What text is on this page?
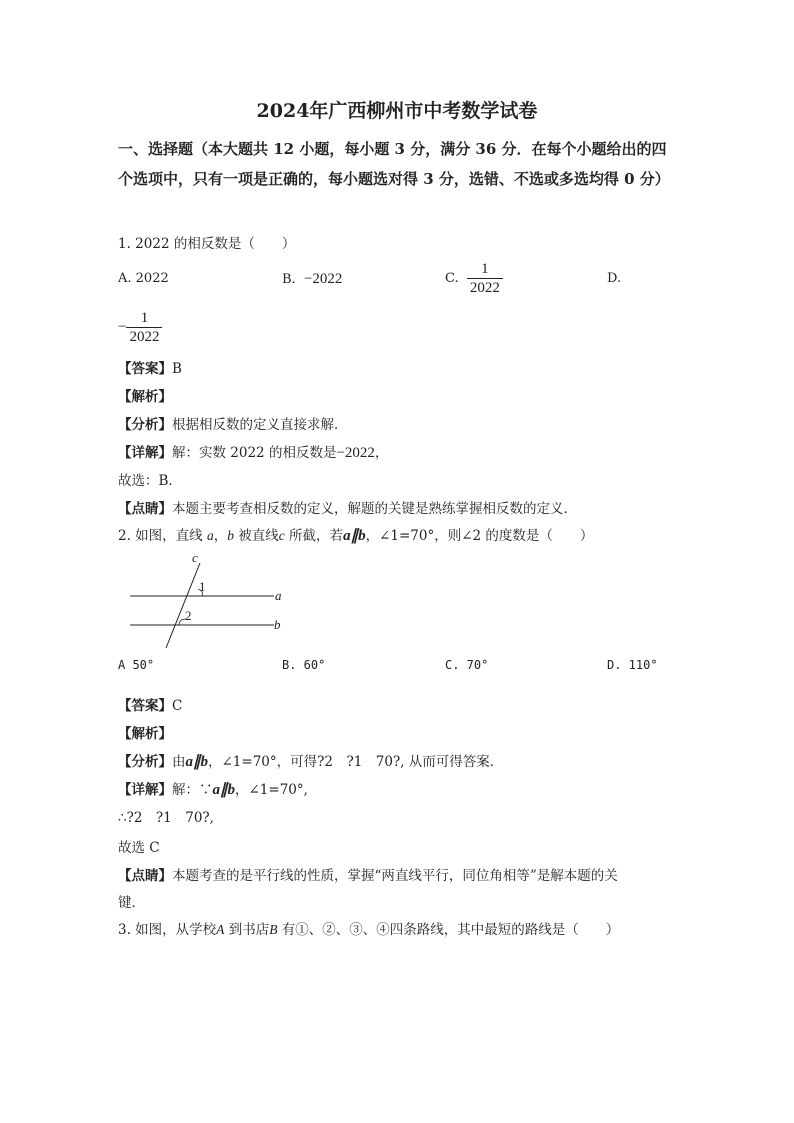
2024年广西柳州市中考数学试卷
一、选择题（本大题共 12 小题，每小题 3 分，满分 36 分．在每个小题给出的四个选项中，只有一项是正确的，每小题选对得 3 分，选错、不选或多选均得 0 分）
1. 2022 的相反数是（　　）
A. 2022	B. −2022	C. $\frac{1}{2022}$	D.
− $\frac{1}{2022}$
【答案】B
【解析】
【分析】根据相反数的定义直接求解．
【详解】解：实数 2022 的相反数是−2022，
故选：B．
【点睛】本题主要考查相反数的定义，解题的关键是熟练掌握相反数的定义．
2. 如图，直线 a，b 被直线c 所截，若a∥b，∠1=70°，则∠2 的度数是（　　）
c
1
2
a
b
A 50°	B. 60°	C. 70°	D. 110°
【答案】C
【解析】
【分析】由a∥b，∠1=70°，可得?2　?1　70?, 从而可得答案．
【详解】解：∵a∥b，∠1=70°,
∴?2　?1　70?,
故选 C
【点睛】本题考查的是平行线的性质，掌握“两直线平行，同位角相等”是解本题的关
键．
3. 如图，从学校A 到书店B 有①、②、③、④四条路线，其中最短的路线是（　　）
